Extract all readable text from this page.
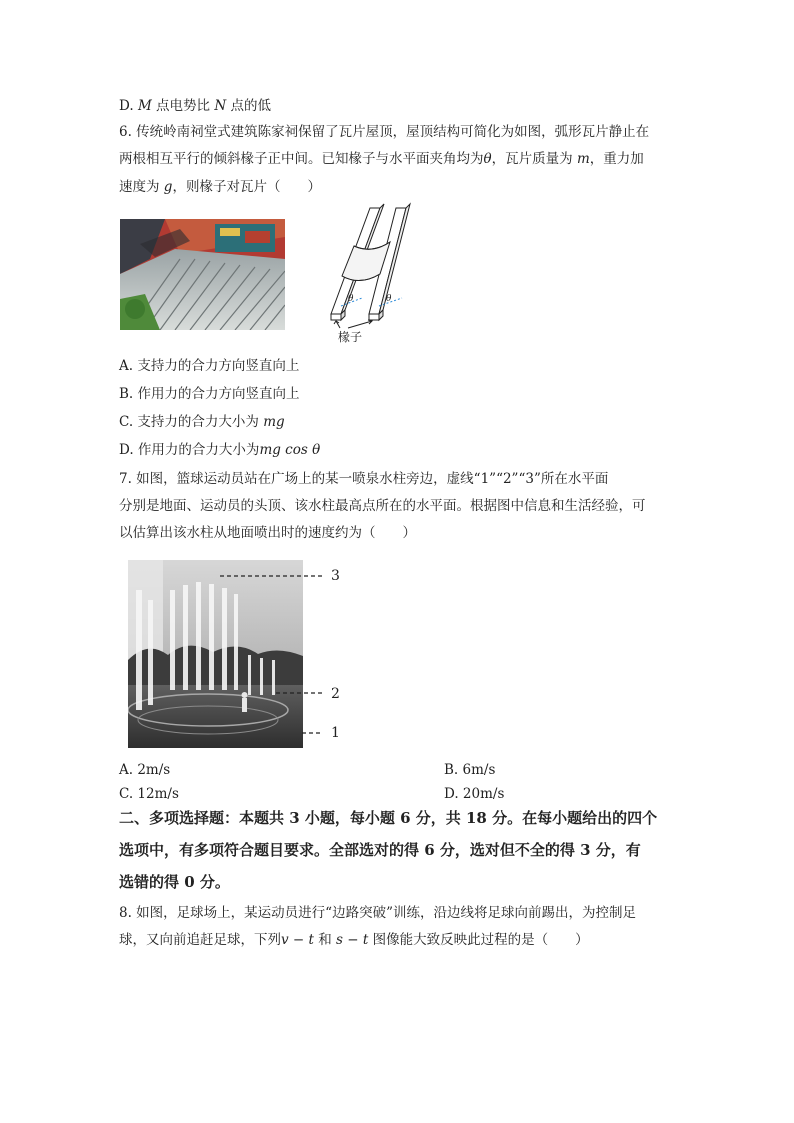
D. M 点电势比 N 点的低
6. 传统岭南祠堂式建筑陈家祠保留了瓦片屋顶，屋顶结构可简化为如图，弧形瓦片静止在
两根相互平行的倾斜椽子正中间。已知椽子与水平面夹角均为θ，瓦片质量为 m，重力加
速度为 g，则椽子对瓦片（　　）
θ	θ
椽子
A. 支持力的合力方向竖直向上
B. 作用力的合力方向竖直向上
C. 支持力的合力大小为 mg
D. 作用力的合力大小为mg cos θ
7. 如图，篮球运动员站在广场上的某一喷泉水柱旁边，虚线“1”“2”“3”所在水平面
分别是地面、运动员的头顶、该水柱最高点所在的水平面。根据图中信息和生活经验，可
以估算出该水柱从地面喷出时的速度约为（　　）
3
2
1
A. 2m/s	B. 6m/s
C. 12m/s	D. 20m/s
二、多项选择题：本题共 3 小题，每小题 6 分，共 18 分。在每小题给出的四个
选项中，有多项符合题目要求。全部选对的得 6 分，选对但不全的得 3 分，有
选错的得 0 分。
8. 如图，足球场上，某运动员进行“边路突破”训练，沿边线将足球向前踢出，为控制足
球，又向前追赶足球，下列v − t 和 s − t 图像能大致反映此过程的是（　　）
